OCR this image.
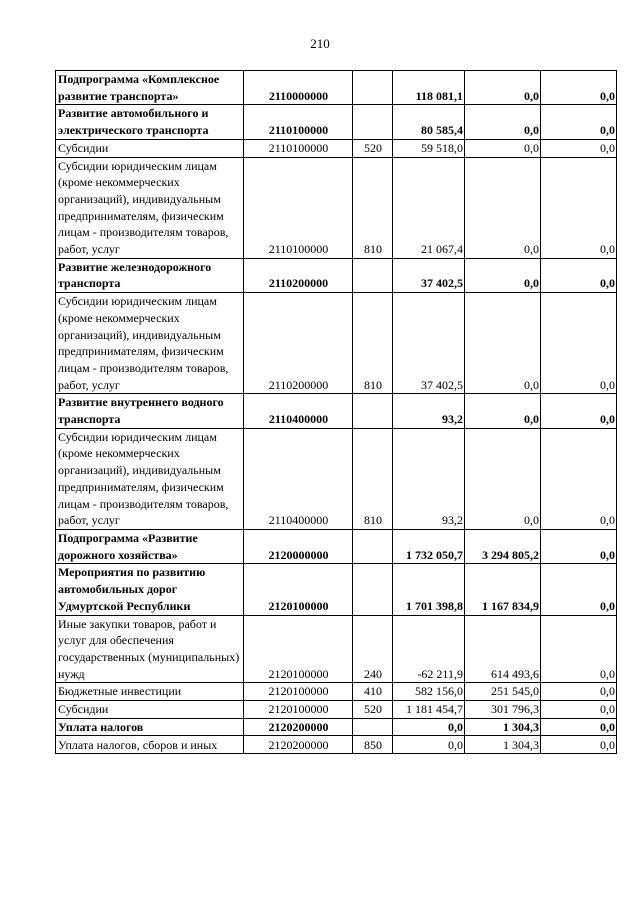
210
Подпрограмма «Комплексное развитие транспорта»	2110000000		118 081,1	0,0	0,0
Развитие автомобильного и электрического транспорта	2110100000		80 585,4	0,0	0,0
Субсидии	2110100000	520	59 518,0	0,0	0,0
Субсидии юридическим лицам (кроме некоммерческих организаций), индивидуальным предпринимателям, физическим лицам - производителям товаров, работ, услуг	2110100000	810	21 067,4	0,0	0,0
Развитие железнодорожного транспорта	2110200000		37 402,5	0,0	0,0
Субсидии юридическим лицам (кроме некоммерческих организаций), индивидуальным предпринимателям, физическим лицам - производителям товаров, работ, услуг	2110200000	810	37 402,5	0,0	0,0
Развитие внутреннего водного транспорта	2110400000		93,2	0,0	0,0
Субсидии юридическим лицам (кроме некоммерческих организаций), индивидуальным предпринимателям, физическим лицам - производителям товаров, работ, услуг	2110400000	810	93,2	0,0	0,0
Подпрограмма «Развитие дорожного хозяйства»	2120000000		1 732 050,7	3 294 805,2	0,0
Мероприятия по развитию автомобильных дорог Удмуртской Республики	2120100000		1 701 398,8	1 167 834,9	0,0
Иные закупки товаров, работ и услуг для обеспечения государственных (муниципальных) нужд	2120100000	240	-62 211,9	614 493,6	0,0
Бюджетные инвестиции	2120100000	410	582 156,0	251 545,0	0,0
Субсидии	2120100000	520	1 181 454,7	301 796,3	0,0
Уплата налогов	2120200000		0,0	1 304,3	0,0
Уплата налогов, сборов и иных	2120200000	850	0,0	1 304,3	0,0
